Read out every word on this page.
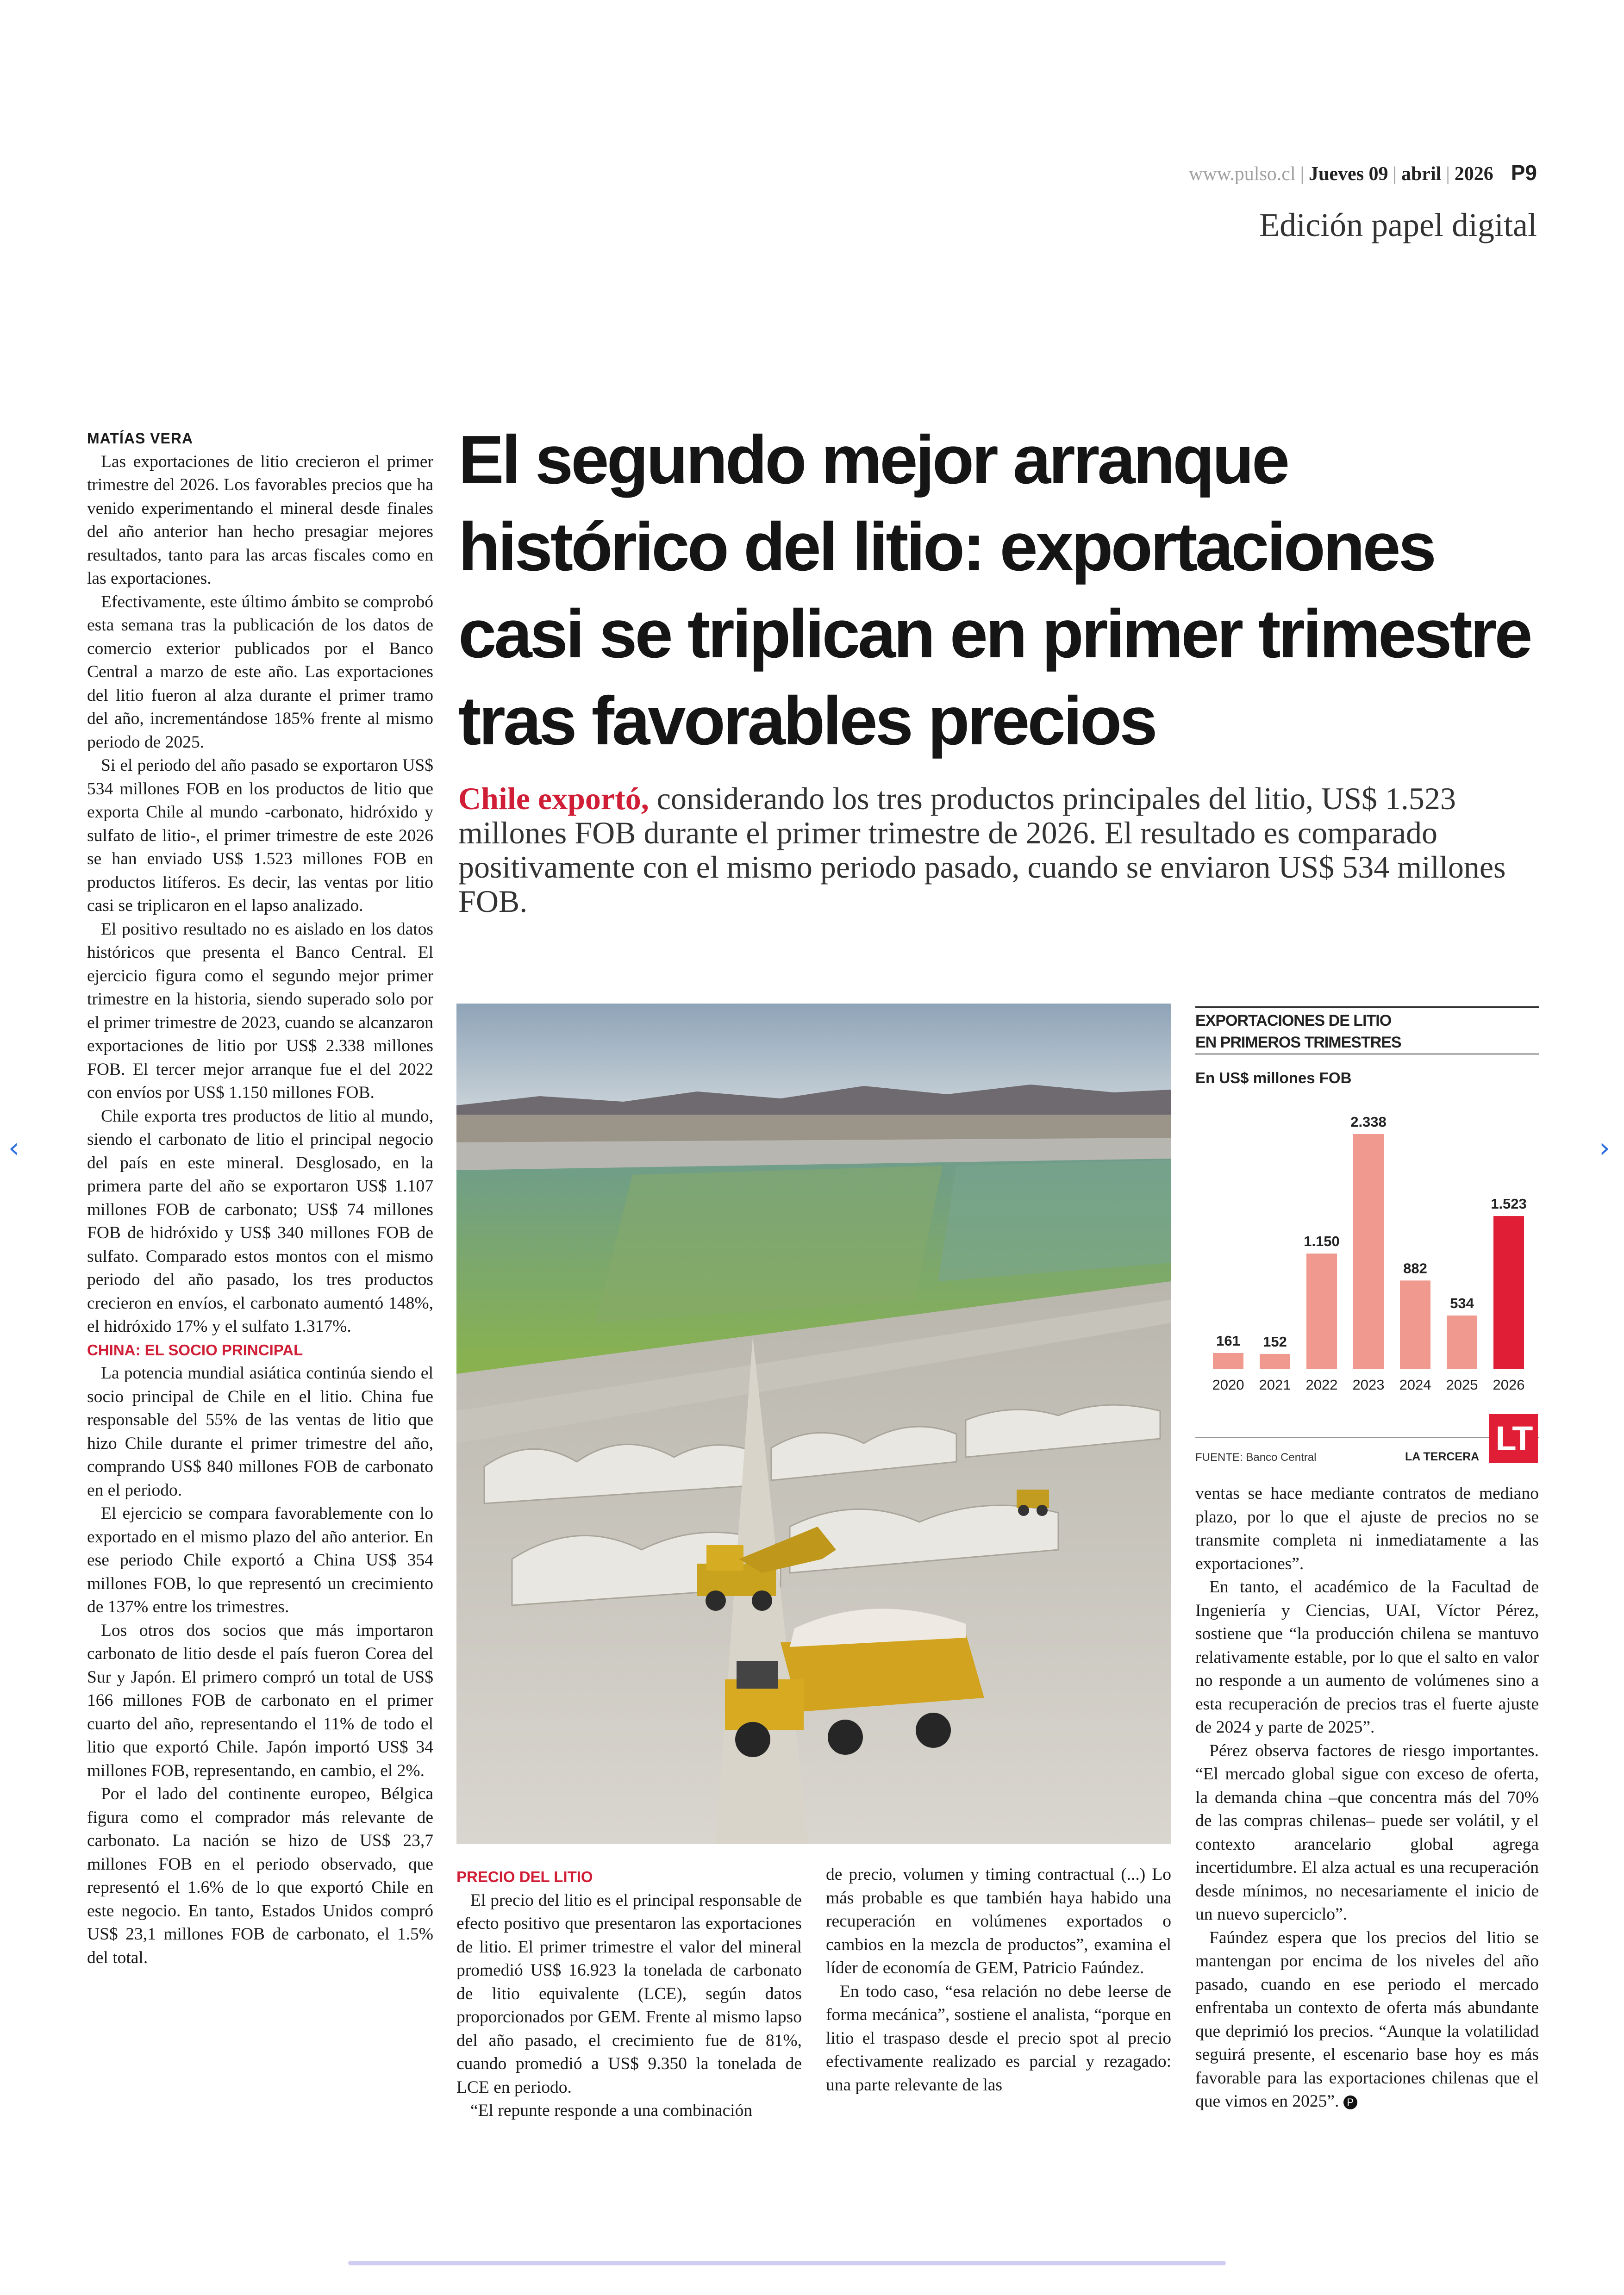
www.pulso.cl | Jueves 09 | abril | 2026 P9
Edición papel digital

MATÍAS VERA

Las exportaciones de litio crecieron el primer trimestre del 2026. Los favorables precios que ha venido experimentando el mineral desde finales del año anterior han hecho presagiar mejores resultados, tanto para las arcas fiscales como en las exportaciones.

Efectivamente, este último ámbito se comprobó esta semana tras la publicación de los datos de comercio exterior publicados por el Banco Central a marzo de este año. Las exportaciones del litio fueron al alza durante el primer tramo del año, incrementándose 185% frente al mismo periodo de 2025.

Si el periodo del año pasado se exportaron US$ 534 millones FOB en los productos de litio que exporta Chile al mundo -carbonato, hidróxido y sulfato de litio-, el primer trimestre de este 2026 se han enviado US$ 1.523 millones FOB en productos litíferos. Es decir, las ventas por litio casi se triplicaron en el lapso analizado.

El positivo resultado no es aislado en los datos históricos que presenta el Banco Central. El ejercicio figura como el segundo mejor primer trimestre en la historia, siendo superado solo por el primer trimestre de 2023, cuando se alcanzaron exportaciones de litio por US$ 2.338 millones FOB. El tercer mejor arranque fue el del 2022 con envíos por US$ 1.150 millones FOB.

Chile exporta tres productos de litio al mundo, siendo el carbonato de litio el principal negocio del país en este mineral. Desglosado, en la primera parte del año se exportaron US$ 1.107 millones FOB de carbonato; US$ 74 millones FOB de hidróxido y US$ 340 millones FOB de sulfato. Comparado estos montos con el mismo periodo del año pasado, los tres productos crecieron en envíos, el carbonato aumentó 148%, el hidróxido 17% y el sulfato 1.317%.

CHINA: EL SOCIO PRINCIPAL

La potencia mundial asiática continúa siendo el socio principal de Chile en el litio. China fue responsable del 55% de las ventas de litio que hizo Chile durante el primer trimestre del año, comprando US$ 840 millones FOB de carbonato en el periodo.

El ejercicio se compara favorablemente con lo exportado en el mismo plazo del año anterior. En ese periodo Chile exportó a China US$ 354 millones FOB, lo que representó un crecimiento de 137% entre los trimestres.

Los otros dos socios que más importaron carbonato de litio desde el país fueron Corea del Sur y Japón. El primero compró un total de US$ 166 millones FOB de carbonato en el primer cuarto del año, representando el 11% de todo el litio que exportó Chile. Japón importó US$ 34 millones FOB, representando, en cambio, el 2%.

Por el lado del continente europeo, Bélgica figura como el comprador más relevante de carbonato. La nación se hizo de US$ 23,7 millones FOB en el periodo observado, que representó el 1.6% de lo que exportó Chile en este negocio. En tanto, Estados Unidos compró US$ 23,1 millones FOB de carbonato, el 1.5% del total.

El segundo mejor arranque histórico del litio: exportaciones casi se triplican en primer trimestre tras favorables precios

Chile exportó, considerando los tres productos principales del litio, US$ 1.523 millones FOB durante el primer trimestre de 2026. El resultado es comparado positivamente con el mismo periodo pasado, cuando se enviaron US$ 534 millones FOB.

PRECIO DEL LITIO

El precio del litio es el principal responsable de efecto positivo que presentaron las exportaciones de litio. El primer trimestre el valor del mineral promedió US$ 16.923 la tonelada de carbonato de litio equivalente (LCE), según datos proporcionados por GEM. Frente al mismo lapso del año pasado, el crecimiento fue de 81%, cuando promedió a US$ 9.350 la tonelada de LCE en periodo.

“El repunte responde a una combinación

de precio, volumen y timing contractual (...) Lo más probable es que también haya habido una recuperación en volúmenes exportados o cambios en la mezcla de productos”, examina el líder de economía de GEM, Patricio Faúndez.

En todo caso, “esa relación no debe leerse de forma mecánica”, sostiene el analista, “porque en litio el traspaso desde el precio spot al precio efectivamente realizado es parcial y rezagado: una parte relevante de las

EXPORTACIONES DE LITIO
EN PRIMEROS TRIMESTRES
En US$ millones FOB
161
2020
152
2021
1.150
2022
2.338
2023
882
2024
534
2025
1.523
2026
FUENTE: Banco Central	LA TERCERA LT

ventas se hace mediante contratos de mediano plazo, por lo que el ajuste de precios no se transmite completa ni inmediatamente a las exportaciones”.

En tanto, el académico de la Facultad de Ingeniería y Ciencias, UAI, Víctor Pérez, sostiene que “la producción chilena se mantuvo relativamente estable, por lo que el salto en valor no responde a un aumento de volúmenes sino a esta recuperación de precios tras el fuerte ajuste de 2024 y parte de 2025”.

Pérez observa factores de riesgo importantes. “El mercado global sigue con exceso de oferta, la demanda china –que concentra más del 70% de las compras chilenas– puede ser volátil, y el contexto arancelario global agrega incertidumbre. El alza actual es una recuperación desde mínimos, no necesariamente el inicio de un nuevo superciclo”.

Faúndez espera que los precios del litio se mantengan por encima de los niveles del año pasado, cuando en ese periodo el mercado enfrentaba un contexto de oferta más abundante que deprimió los precios. “Aunque la volatilidad seguirá presente, el escenario base hoy es más favorable para las exportaciones chilenas que el que vimos en 2025”. P

‹	›
